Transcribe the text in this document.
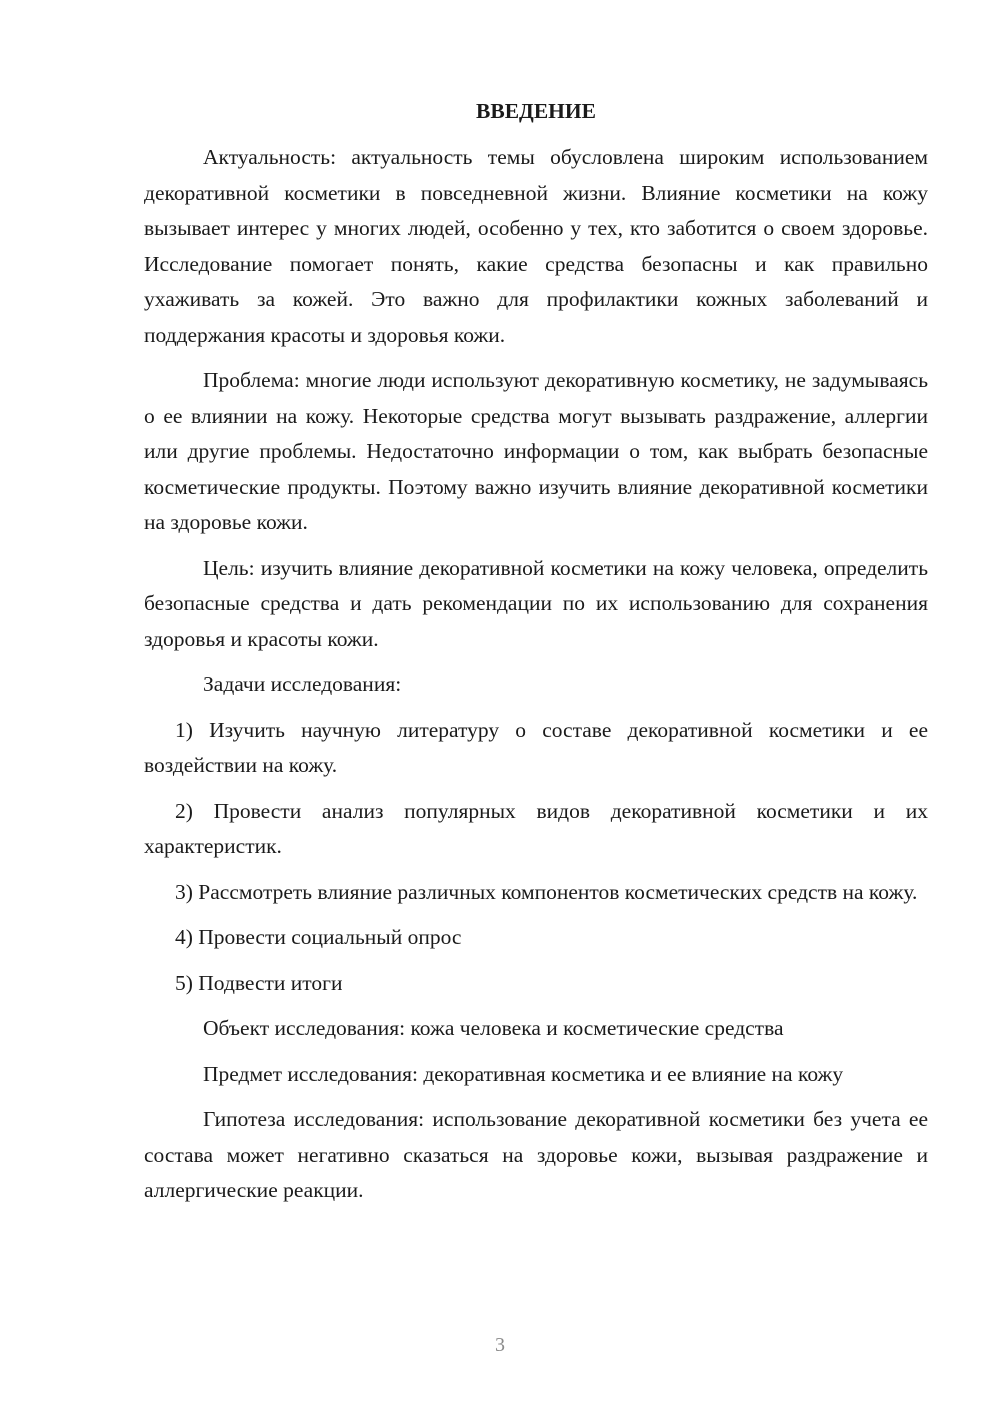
ВВЕДЕНИЕ

Актуальность: актуальность темы обусловлена широким использованием декоративной косметики в повседневной жизни. Влияние косметики на кожу вызывает интерес у многих людей, особенно у тех, кто заботится о своем здоровье. Исследование помогает понять, какие средства безопасны и как правильно ухаживать за кожей. Это важно для профилактики кожных заболеваний и поддержания красоты и здоровья кожи.

Проблема: многие люди используют декоративную косметику, не задумываясь о ее влиянии на кожу. Некоторые средства могут вызывать раздражение, аллергии или другие проблемы. Недостаточно информации о том, как выбрать безопасные косметические продукты. Поэтому важно изучить влияние декоративной косметики на здоровье кожи.

Цель: изучить влияние декоративной косметики на кожу человека, определить безопасные средства и дать рекомендации по их использованию для сохранения здоровья и красоты кожи.

Задачи исследования:

1) Изучить научную литературу о составе декоративной косметики и ее воздействии на кожу.

2) Провести анализ популярных видов декоративной косметики и их характеристик.

3) Рассмотреть влияние различных компонентов косметических средств на кожу.

4) Провести социальный опрос

5) Подвести итоги

Объект исследования: кожа человека и косметические средства

Предмет исследования: декоративная косметика и ее влияние на кожу

Гипотеза исследования: использование декоративной косметики без учета ее состава может негативно сказаться на здоровье кожи, вызывая раздражение и аллергические реакции.

3
